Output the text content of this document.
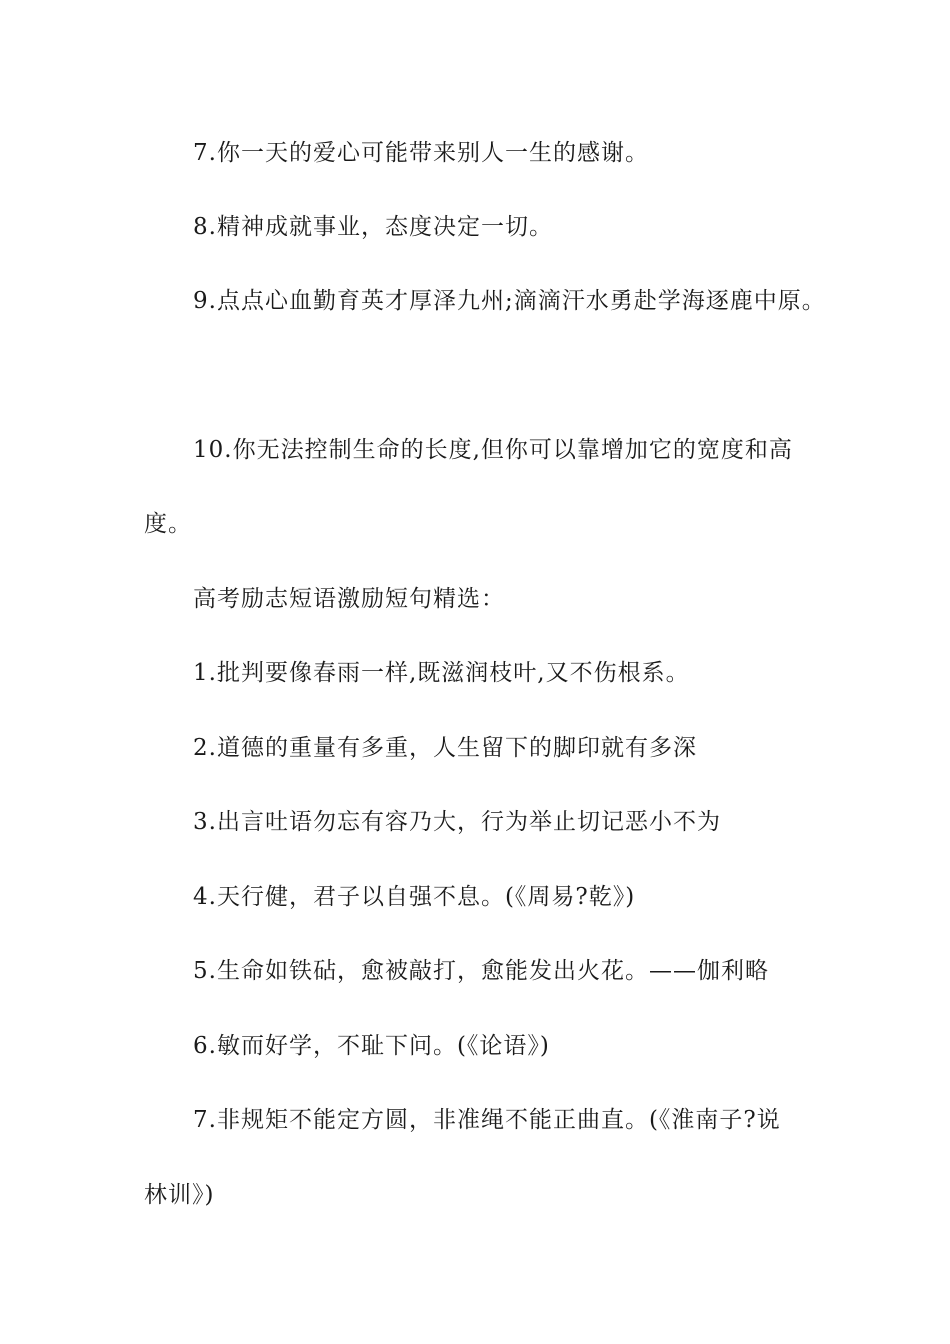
7.你一天的爱心可能带来别人一生的感谢。
8.精神成就事业，态度决定一切。
9.点点心血勤育英才厚泽九州;滴滴汗水勇赴学海逐鹿中原。
10.你无法控制生命的长度,但你可以靠增加它的宽度和高
度。
高考励志短语激励短句精选：
1.批判要像春雨一样,既滋润枝叶,又不伤根系。
2.道德的重量有多重，人生留下的脚印就有多深
3.出言吐语勿忘有容乃大，行为举止切记恶小不为
4.天行健，君子以自强不息。(《周易?乾》)
5.生命如铁砧，愈被敲打，愈能发出火花。——伽利略
6.敏而好学，不耻下问。(《论语》)
7.非规矩不能定方圆，非准绳不能正曲直。(《淮南子?说
林训》)
